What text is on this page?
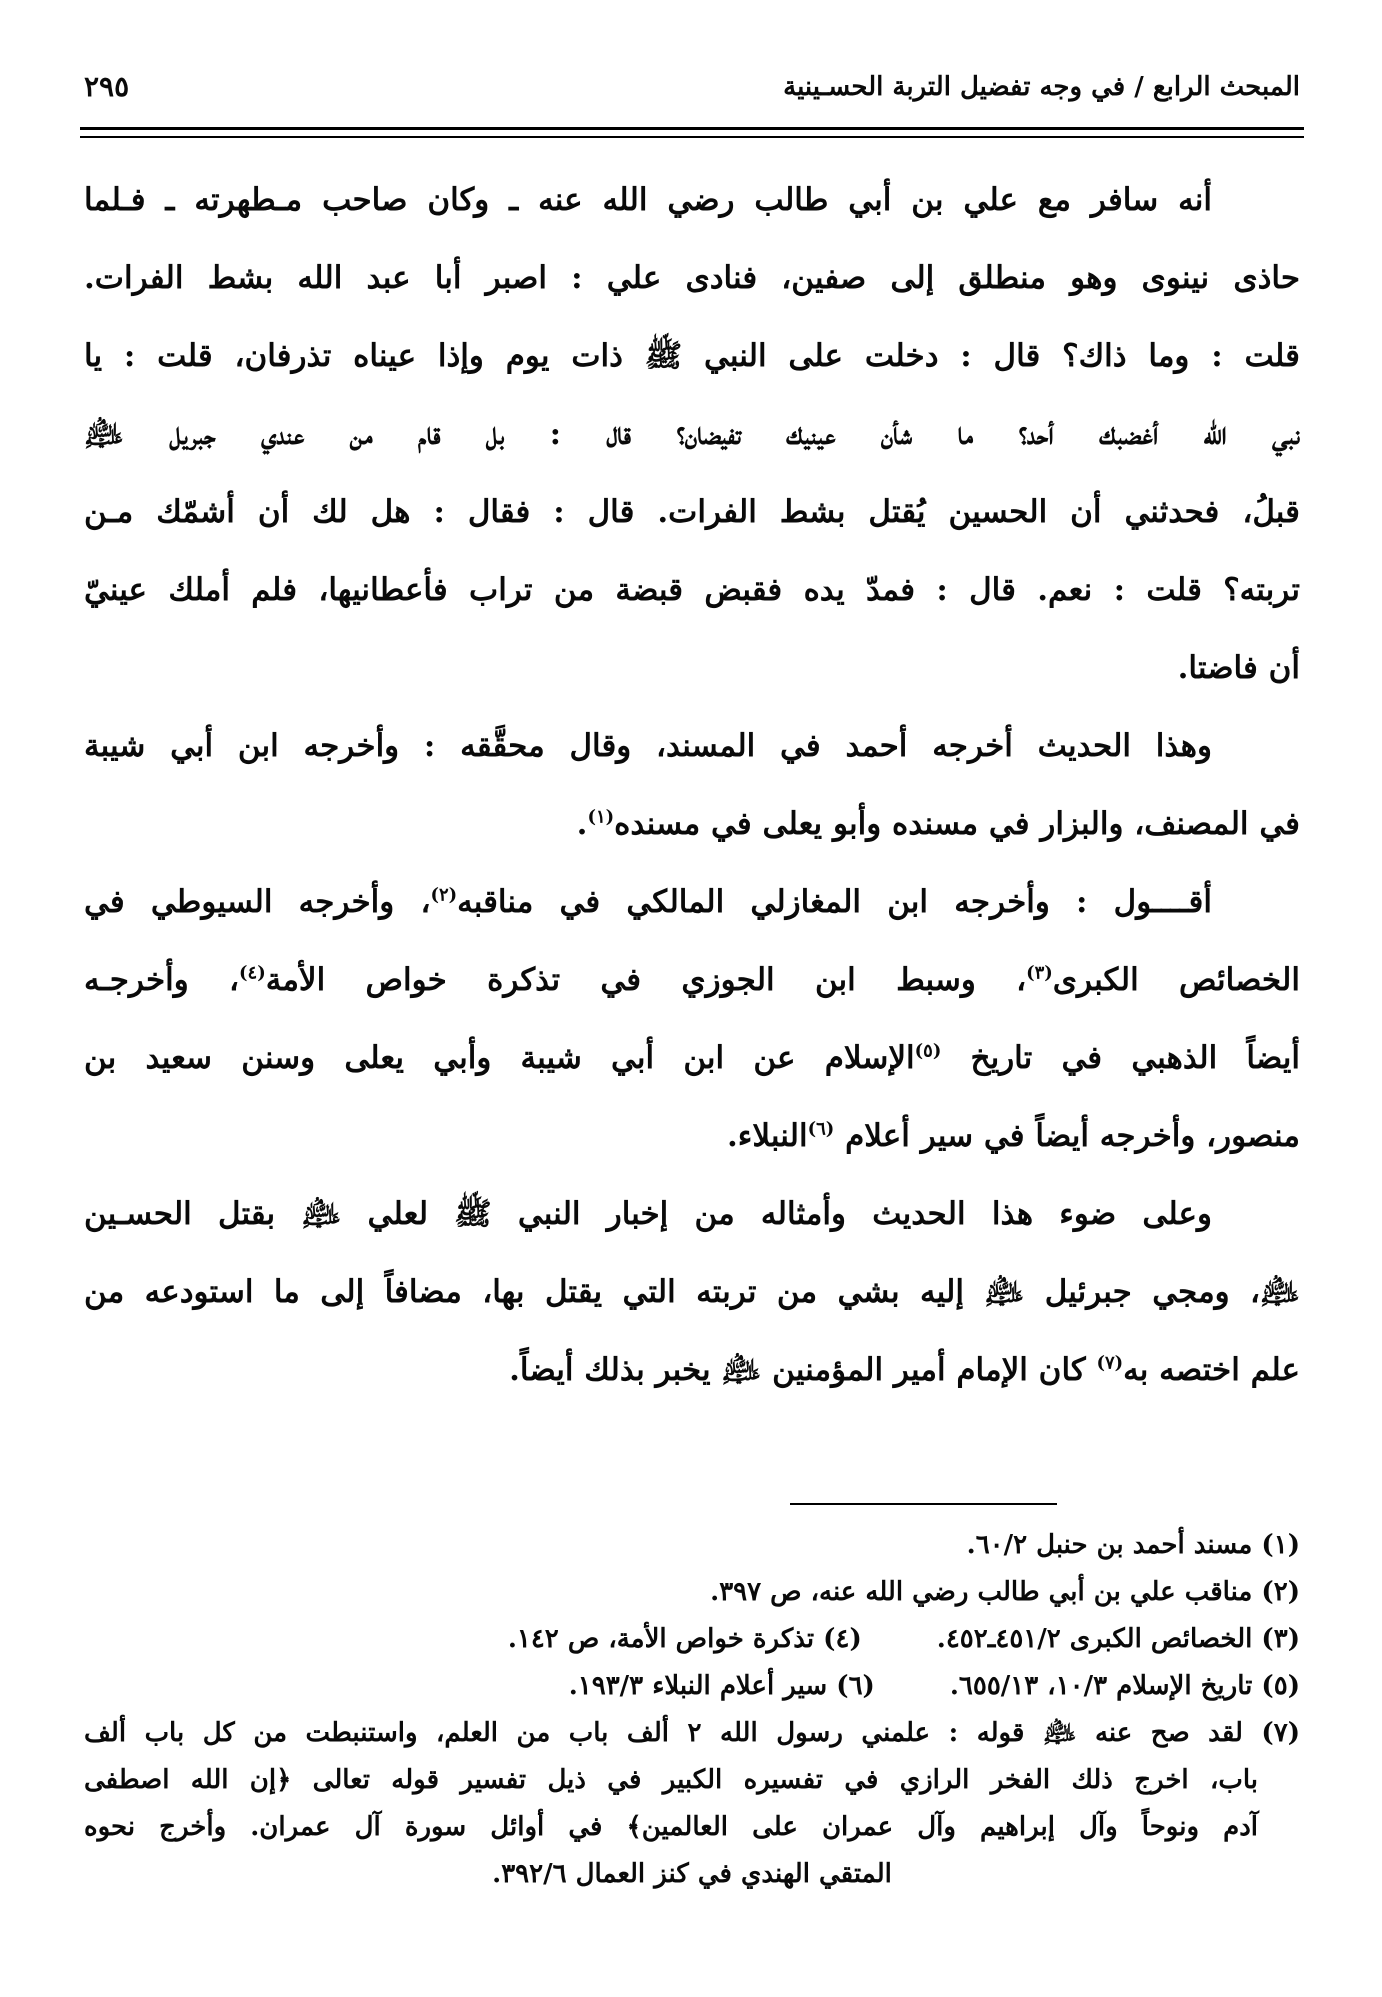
المبحث الرابع / في وجه تفضيل التربة الحسـينية
٢٩٥
أنه سافر مع علي بن أبي طالب رضي الله عنه ـ وكان صاحب مـطهرته ـ فـلما
حاذى نينوى وهو منطلق إلى صفين، فنادى علي : اصبر أبا عبد الله بشط الفرات.
قلت : وما ذاك؟ قال : دخلت على النبي ﷺ ذات يوم وإذا عيناه تذرفان، قلت : يا
نبي الله أغضبك أحد؟ ما شأن عينيك تفيضان؟ قال : بل قام من عندي جبريل ﵇
قبلُ، فحدثني أن الحسين يُقتل بشط الفرات. قال : فقال : هل لك أن أشمّك مـن
تربته؟ قلت : نعم. قال : فمدّ يده فقبض قبضة من تراب فأعطانيها، فلم أملك عينيّ
أن فاضتا.
وهذا الحديث أخرجه أحمد في المسند، وقال محقَّقه : وأخرجه ابن أبي شيبة
في المصنف، والبزار في مسنده وأبو يعلى في مسنده$^{(١)}$.
أقــــول : وأخرجه ابن المغازلي المالكي في مناقبه$^{(٢)}$، وأخرجه السيوطي في
الخصائص الكبرى$^{(٣)}$، وسبط ابن الجوزي في تذكرة خواص الأمة$^{(٤)}$، وأخرجـه
أيضاً الذهبي في تاريخ $^{(٥)}$الإسلام عن ابن أبي شيبة وأبي يعلى وسنن سعيد بن
منصور، وأخرجه أيضاً في سير أعلام $^{(٦)}$النبلاء.
وعلى ضوء هذا الحديث وأمثاله من إخبار النبي ﷺ لعلي ﵇ بقتل الحسـين
﵇، ومجي جبرئيل ﵇ إليه بشي من تربته التي يقتل بها، مضافاً إلى ما استودعه من
علم اختصه به$^{(٧)}$ كان الإمام أمير المؤمنين ﵇ يخبر بذلك أيضاً.
(١) مسند أحمد بن حنبل ٦٠/٢.
(٢) مناقب علي بن أبي طالب رضي الله عنه، ص ٣٩٧.
(٣) الخصائص الكبرى ٤٥١/٢ـ٤٥٢.
(٤) تذكرة خواص الأمة، ص ١٤٢.
(٥) تاريخ الإسلام ١٠/٣، ٦٥٥/١٣.
(٦) سير أعلام النبلاء ١٩٣/٣.
(٧) لقد صح عنه ﵇ قوله : علمني رسول الله ٢ ألف باب من العلم، واستنبطت من كل باب ألف
باب، اخرج ذلك الفخر الرازي في تفسيره الكبير في ذيل تفسير قوله تعالى ﴿إن الله اصطفى
آدم ونوحاً وآل إبراهيم وآل عمران على العالمين﴾ في أوائل سورة آل عمران. وأخرج نحوه
المتقي الهندي في كنز العمال ٣٩٢/٦.
